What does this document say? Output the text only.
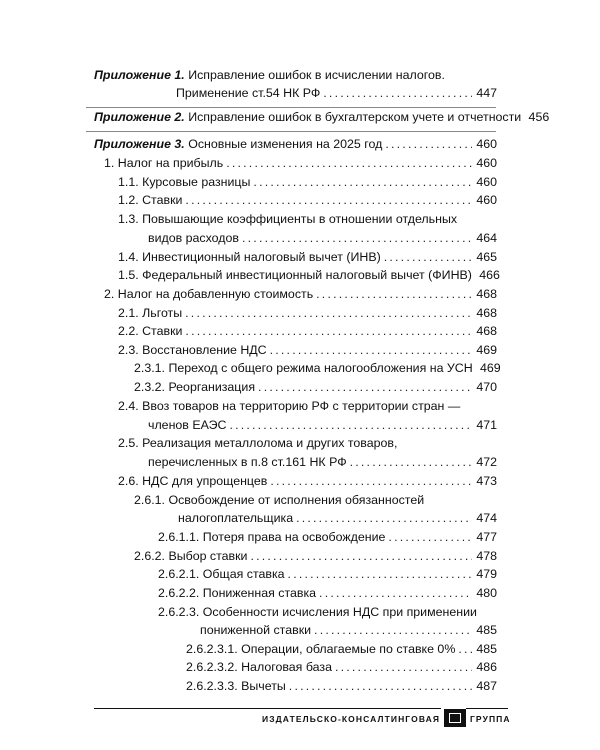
Приложение 1. Исправление ошибок в исчислении налогов.
Применение ст.54 НК РФ .....	447
Приложение 2. Исправление ошибок в бухгалтерском учете и отчетности 456
Приложение 3. Основные изменения на 2025 год .....	460
1. Налог на прибыль .....	460
1.1. Курсовые разницы .....	460
1.2. Ставки .....	460
1.3. Повышающие коэффициенты в отношении отдельных
видов расходов .....	464
1.4. Инвестиционный налоговый вычет (ИНВ) .....	465
1.5. Федеральный инвестиционный налоговый вычет (ФИНВ) 466
2. Налог на добавленную стоимость .....	468
2.1. Льготы .....	468
2.2. Ставки .....	468
2.3. Восстановление НДС .....	469
2.3.1. Переход с общего режима налогообложения на УСН 469
2.3.2. Реорганизация .....	470
2.4. Ввоз товаров на территорию РФ с территории стран —
членов ЕАЭС .....	471
2.5. Реализация металлолома и других товаров,
перечисленных в п.8 ст.161 НК РФ .....	472
2.6. НДС для упрощенцев .....	473
2.6.1. Освобождение от исполнения обязанностей
налогоплательщика .....	474
2.6.1.1. Потеря права на освобождение .....	477
2.6.2. Выбор ставки .....	478
2.6.2.1. Общая ставка .....	479
2.6.2.2. Пониженная ставка .....	480
2.6.2.3. Особенности исчисления НДС при применении
пониженной ставки .....	485
2.6.2.3.1. Операции, облагаемые по ставке 0% ..... 485
2.6.2.3.2. Налоговая база .....	486
2.6.2.3.3. Вычеты .....	487
ИЗДАТЕЛЬСКО-КОНСАЛТИНГОВАЯ	ГРУППА
